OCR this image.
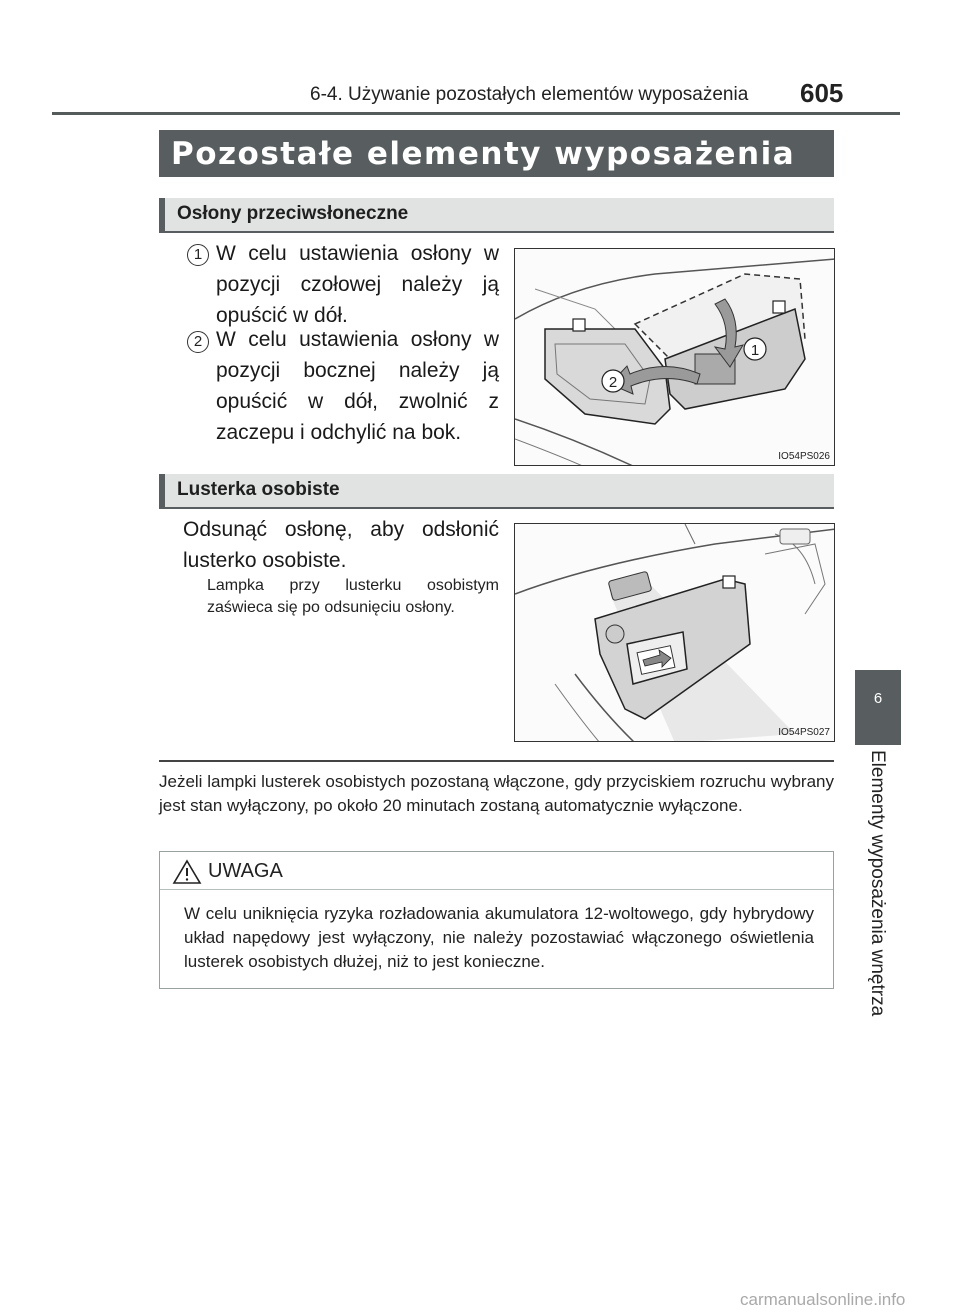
6-4. Używanie pozostałych elementów wyposażenia 605
Pozostałe elementy wyposażenia
Osłony przeciwsłoneczne
1 W celu ustawienia osłony w pozycji czołowej należy ją opuścić w dół.
2 W celu ustawienia osłony w pozycji bocznej należy ją opuścić w dół, zwolnić z zaczepu i odchylić na bok.
1
2
IO54PS026
Lusterka osobiste
Odsunąć osłonę, aby odsłonić lusterko osobiste.
Lampka przy lusterku osobistym zaświeca się po odsunięciu osłony.
IO54PS027
Jeżeli lampki lusterek osobistych pozostaną włączone, gdy przyciskiem rozruchu wybrany jest stan wyłączony, po około 20 minutach zostaną automatycznie wyłączone.
UWAGA
W celu uniknięcia ryzyka rozładowania akumulatora 12-woltowego, gdy hybrydowy układ napędowy jest wyłączony, nie należy pozostawiać włączonego oświetlenia lusterek osobistych dłużej, niż to jest konieczne.
6
Elementy wyposażenia wnętrza
carmanualsonline.info
